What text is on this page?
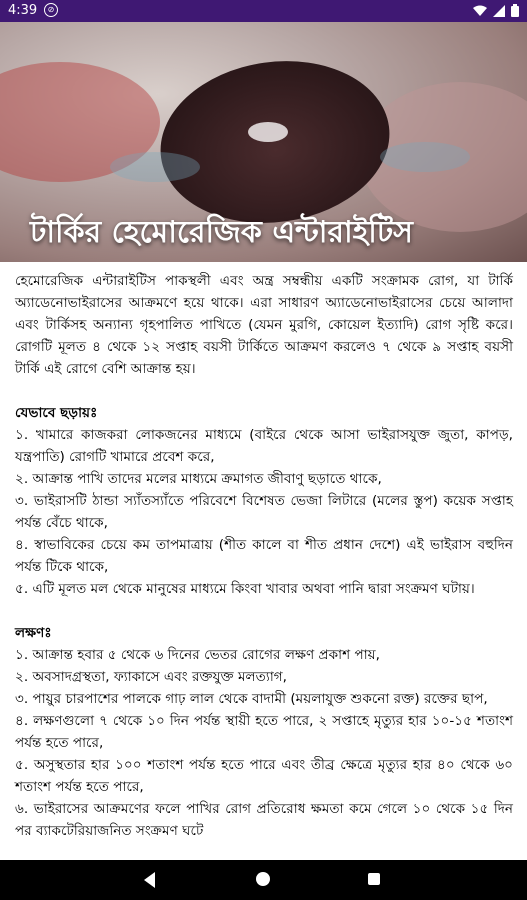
4:39	⊘
টার্কির হেমোরেজিক এন্টারাইটিস

হেমোরেজিক এন্টারাইটিস পাকস্থলী এবং অন্ত্র সম্বন্ধীয় একটি সংক্রামক রোগ, যা টার্কি অ্যাডেনোভাইরাসের আক্রমণে হয়ে থাকে। এরা সাধারণ অ্যাডেনোভাইরাসের চেয়ে আলাদা এবং টার্কিসহ অন্যান্য গৃহপালিত পাখিতে (যেমন মুরগি, কোয়েল ইত্যাদি) রোগ সৃষ্টি করে। রোগটি মূলত ৪ থেকে ১২ সপ্তাহ বয়সী টার্কিতে আক্রমণ করলেও ৭ থেকে ৯ সপ্তাহ বয়সী টার্কি এই রোগে বেশি আক্রান্ত হয়।

যেভাবে ছড়ায়ঃ

১. খামারে কাজকরা লোকজনের মাধ্যমে (বাইরে থেকে আসা ভাইরাসযুক্ত জুতা, কাপড়, যন্ত্রপাতি) রোগটি খামারে প্রবেশ করে,

২. আক্রান্ত পাখি তাদের মলের মাধ্যমে ক্রমাগত জীবাণু ছড়াতে থাকে,

৩. ভাইরাসটি ঠান্ডা স্যাঁতস্যাঁতে পরিবেশে বিশেষত ভেজা লিটারে (মলের স্তুপ) কয়েক সপ্তাহ পর্যন্ত বেঁচে থাকে,

৪. স্বাভাবিকের চেয়ে কম তাপমাত্রায় (শীত কালে বা শীত প্রধান দেশে) এই ভাইরাস বহুদিন পর্যন্ত টিকে থাকে,

৫. এটি মূলত মল থেকে মানুষের মাধ্যমে কিংবা খাবার অথবা পানি দ্বারা সংক্রমণ ঘটায়।

লক্ষণঃ

১. আক্রান্ত হবার ৫ থেকে ৬ দিনের ভেতর রোগের লক্ষণ প্রকাশ পায়,

২. অবসাদগ্রস্থতা, ফ্যাকাসে এবং রক্তযুক্ত মলত্যাগ,

৩. পায়ুর চারপাশের পালকে গাঢ় লাল থেকে বাদামী (ময়লাযুক্ত শুকনো রক্ত) রক্তের ছাপ,

৪. লক্ষণগুলো ৭ থেকে ১০ দিন পর্যন্ত স্থায়ী হতে পারে, ২ সপ্তাহে মৃত্যুর হার ১০-১৫ শতাংশ পর্যন্ত হতে পারে,

৫. অসুস্থতার হার ১০০ শতাংশ পর্যন্ত হতে পারে এবং তীব্র ক্ষেত্রে মৃত্যুর হার ৪০ থেকে ৬০ শতাংশ পর্যন্ত হতে পারে,

৬. ভাইরাসের আক্রমণের ফলে পাখির রোগ প্রতিরোধ ক্ষমতা কমে গেলে ১০ থেকে ১৫ দিন পর ব্যাকটেরিয়াজনিত সংক্রমণ ঘটে
